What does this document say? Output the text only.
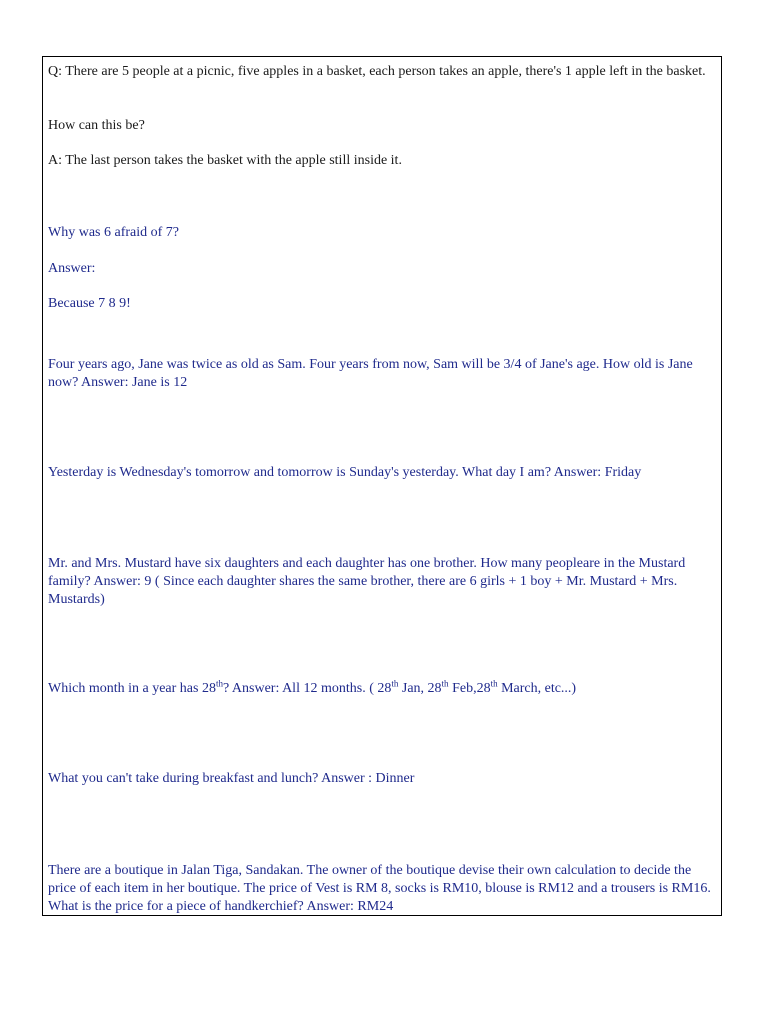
Q: There are 5 people at a picnic, five apples in a basket, each person takes an apple, there's 1 apple left in the basket.

How can this be?

A: The last person takes the basket with the apple still inside it.

Why was 6 afraid of 7?

Answer:

Because 7 8 9!

Four years ago, Jane was twice as old as Sam. Four years from now, Sam will be 3/4 of Jane's age. How old is Jane now? Answer: Jane is 12

Yesterday is Wednesday's tomorrow and tomorrow is Sunday's yesterday. What day I am? Answer: Friday

Mr. and Mrs. Mustard have six daughters and each daughter has one brother. How many peopleare in the Mustard family? Answer: 9 ( Since each daughter shares the same brother, there are 6 girls + 1 boy + Mr. Mustard + Mrs. Mustards)

Which month in a year has 28th? Answer: All 12 months. ( 28th Jan, 28th Feb,28th March, etc...)

What you can't take during breakfast and lunch? Answer : Dinner

There are a boutique in Jalan Tiga, Sandakan. The owner of the boutique devise their own calculation to decide the price of each item in her boutique. The price of Vest is RM 8, socks is RM10, blouse is RM12 and a trousers is RM16. What is the price for a piece of handkerchief? Answer: RM24
